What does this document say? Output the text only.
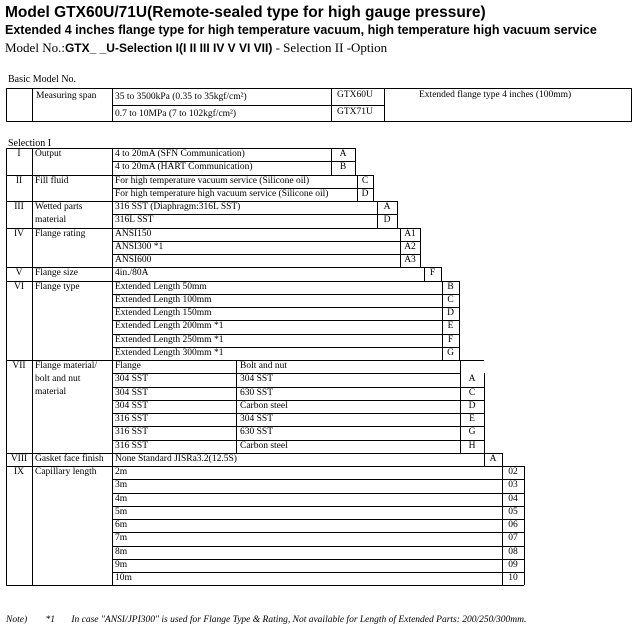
Model GTX60U/71U(Remote-sealed type for high gauge pressure)
Extended 4 inches flange type for high temperature vacuum, high temperature high vacuum service
Model No.:GTX_ _U-Selection I(I II III IV V VI VII) - Selection II -Option
Basic Model No.
Measuring span 35 to 3500kPa (0.35 to 35kgf/cm²)	GTX60U
0.7 to 10MPa (7 to 102kgf/cm²)	GTX71U
Extended flange type 4 inches (100mm)
Selection I
I	Output	4 to 20mA (SFN Communication)	A
4 to 20mA (HART Communication)	B
II	Fill fluid	For high temperature vacuum service (Silicone oil)	C
For high temperature high vacuum service (Silicone oil)	D
III	Wetted parts material
316 SST (Diaphragm:316L SST)	A
316L SST	D
IV	Flange rating	ANSI150	A1
ANSI300 *1	A2
ANSI600	A3
V	Flange size	4in./80A	F
VI	Flange type	Extended Length 50mm	B
Extended Length 100mm	C
Extended Length 150mm	D
Extended Length 200mm *1	E
Extended Length 250mm *1	F
Extended Length 300mm *1	G
VII Flange material/ bolt and nut material
Flange	Bolt and nut
304 SST	304 SST	A
304 SST	630 SST	C
304 SST	Carbon steel	D
316 SST	304 SST	E
316 SST	630 SST	G
316 SST	Carbon steel	H
VIII Gasket face finish	None Standard JISRa3.2(12.5S)	A
IX	Capillary length	2m	02
3m	03
4m	04
5m	05
6m	06
7m	07
8m	08
9m	09
10m	10
Note) *1 In case "ANSI/JPI300" is used for Flange Type & Rating, Not available for Length of Extended Parts: 200/250/300mm.
